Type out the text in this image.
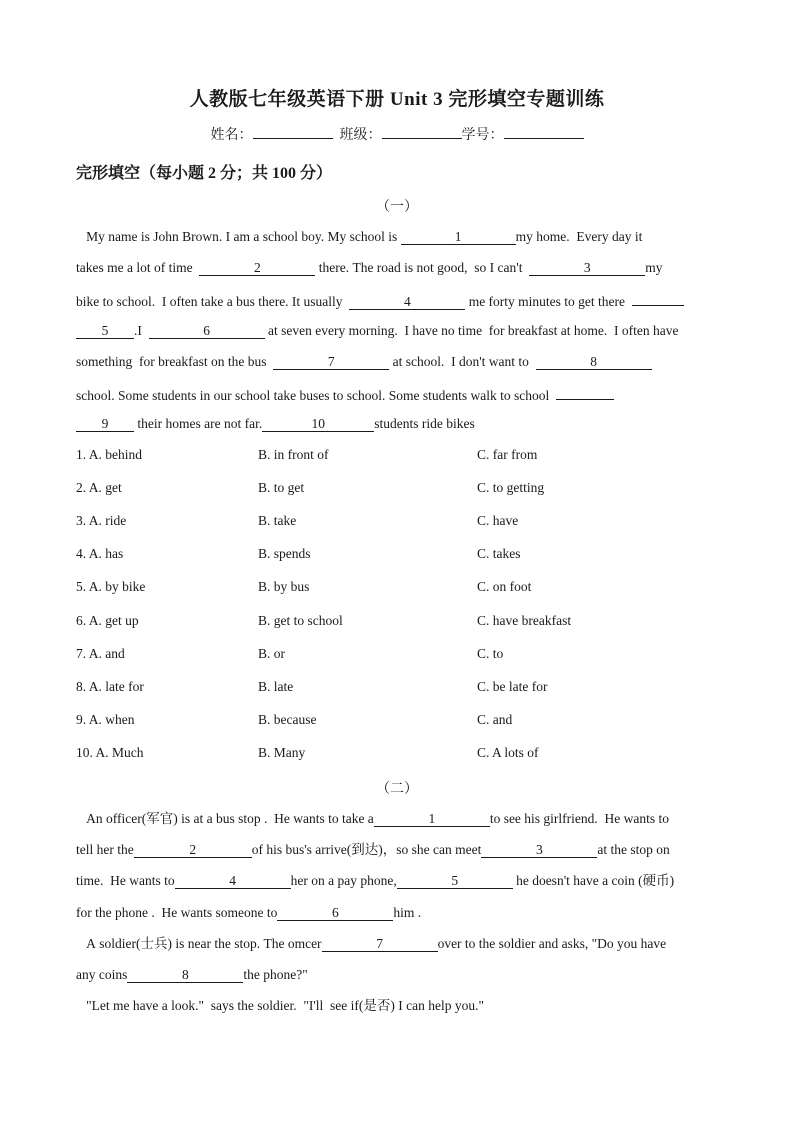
人教版七年级英语下册 Unit 3 完形填空专题训练
姓名：	班级：	学号：
完形填空（每小题 2 分；共 100 分）
（一）
My name is John Brown. I am a school boy. My school is	1	my home.  Every day it
takes me a lot of time	2	there. The road is not good,  so I can't	3	my
bike to school.  I often take a bus there. It usually	4	me forty minutes to get there
5 .I	6	at seven every morning.  I have no time  for breakfast at home.  I often have
something  for breakfast on the bus	7	at school.  I don't want to	8
school. Some students in our school take buses to school. Some students walk to school
9 their homes are not far.	10	students ride bikes
1. A. behind	B. in front of	C. far from
2. A. get	B. to get	C. to getting
3. A. ride	B. take	C. have
4. A. has	B. spends	C. takes
5. A. by bike	B. by bus	C. on foot
6. A. get up	B. get to school	C. have breakfast
7. A. and	B. or	C. to
8. A. late for	B. late	C. be late for
9. A. when	B. because	C. and
10. A. Much	B. Many	C. A lots of
（二）
An officer(军官) is at a bus stop .  He wants to take a	1	to see his girlfriend.  He wants to
tell her the	2	of his bus's arrive(到达)，so she can meet	3	at the stop on
time.  He wants to	4	her on a pay phone,	5	he doesn't have a coin (硬币)
for the phone .  He wants someone to	6	him .
A soldier(士兵) is near the stop. The omcer	7	over to the soldier and asks, "Do you have
any coins	8	the phone?"
"Let me have a look."  says the soldier.  "I'll  see if(是否) I can help you."
